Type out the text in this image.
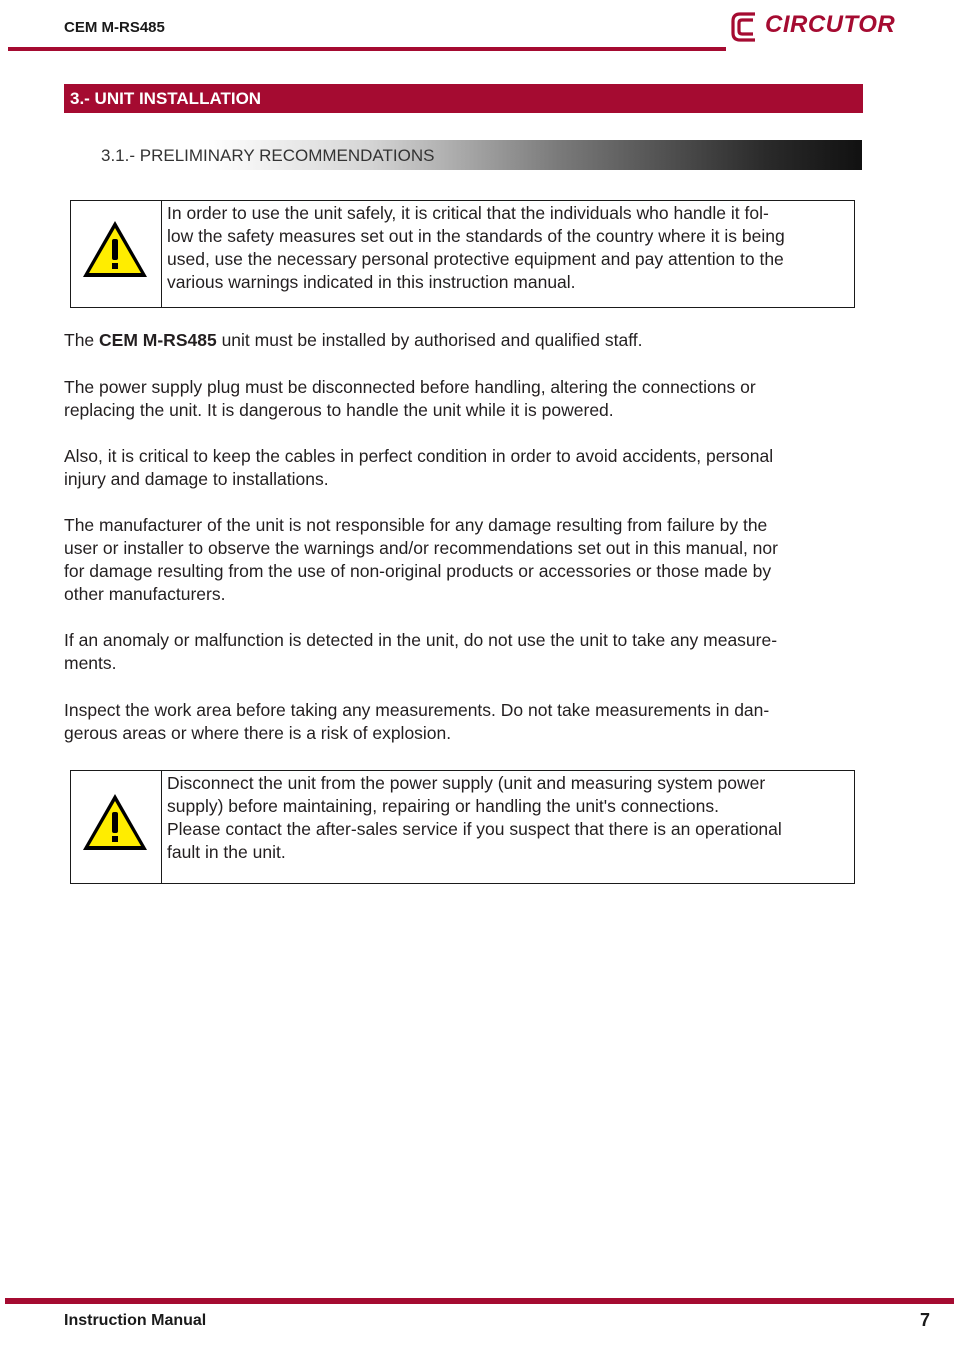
CEM M-RS485	CIRCUTOR
3.- UNIT INSTALLATION
3.1.- PRELIMINARY RECOMMENDATIONS
In order to use the unit safely, it is critical that the individuals who handle it fol-
low the safety measures set out in the standards of the country where it is being
used, use the necessary personal protective equipment and pay attention to the
various warnings indicated in this instruction manual.

The CEM M-RS485 unit must be installed by authorised and qualified staff.

The power supply plug must be disconnected before handling, altering the connections or
replacing the unit. It is dangerous to handle the unit while it is powered.
Also, it is critical to keep the cables in perfect condition in order to avoid accidents, personal
injury and damage to installations.
The manufacturer of the unit is not responsible for any damage resulting from failure by the
user or installer to observe the warnings and/or recommendations set out in this manual, nor
for damage resulting from the use of non-original products or accessories or those made by
other manufacturers.
If an anomaly or malfunction is detected in the unit, do not use the unit to take any measure-
ments.
Inspect the work area before taking any measurements. Do not take measurements in dan-
gerous areas or where there is a risk of explosion.
Disconnect the unit from the power supply (unit and measuring system power
supply) before maintaining, repairing or handling the unit's connections.
Please contact the after-sales service if you suspect that there is an operational
fault in the unit.
Instruction Manual	7
